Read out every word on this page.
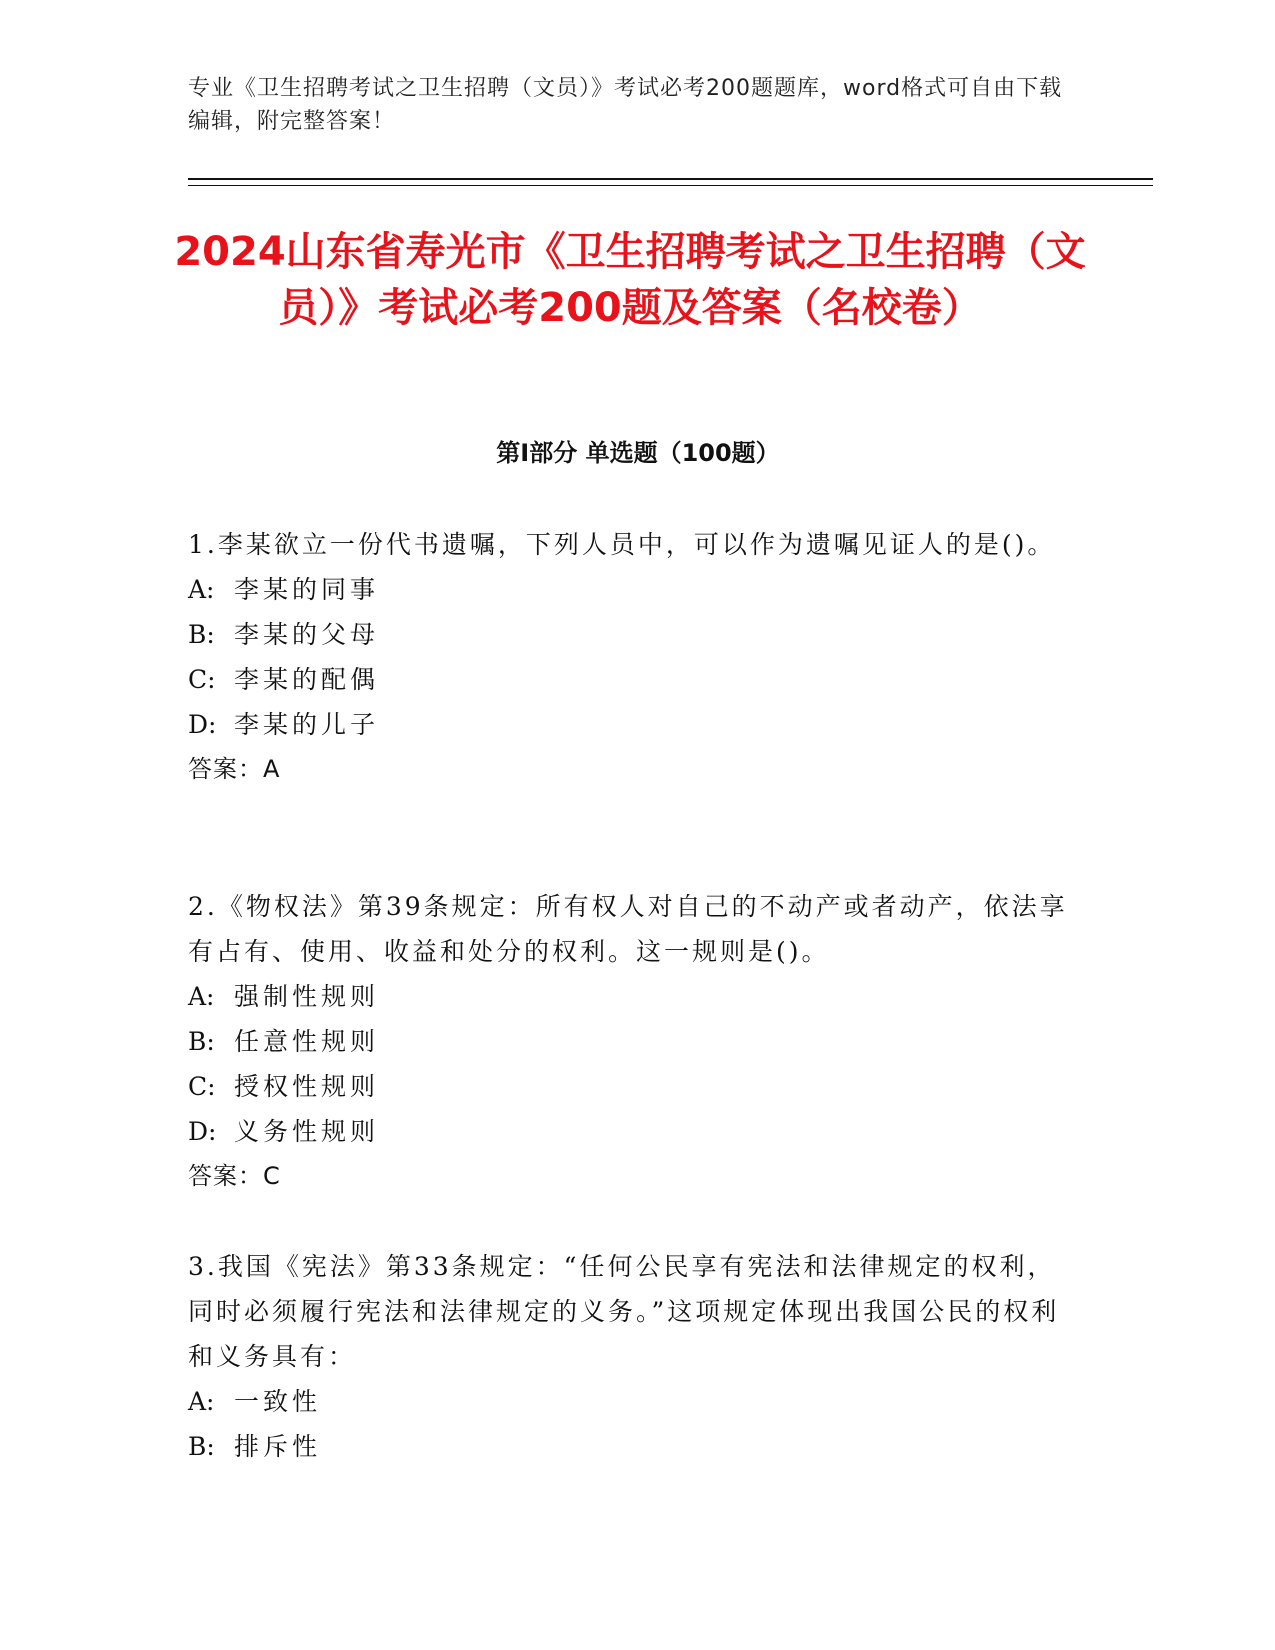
专业《卫生招聘考试之卫生招聘（文员）》考试必考200题题库，word格式可自由下载编辑，附完整答案！
2024山东省寿光市《卫生招聘考试之卫生招聘（文员）》考试必考200题及答案（名校卷）
第I部分 单选题（100题）

1.李某欲立一份代书遗嘱，下列人员中，可以作为遗嘱见证人的是()。

A: 李某的同事

B: 李某的父母

C: 李某的配偶

D: 李某的儿子

答案：A

2.《物权法》第39条规定：所有权人对自己的不动产或者动产，依法享有占有、使用、收益和处分的权利。这一规则是()。

A: 强制性规则

B: 任意性规则

C: 授权性规则

D: 义务性规则

答案：C

3.我国《宪法》第33条规定：“任何公民享有宪法和法律规定的权利，同时必须履行宪法和法律规定的义务。”这项规定体现出我国公民的权利和义务具有：

A: 一致性

B: 排斥性
